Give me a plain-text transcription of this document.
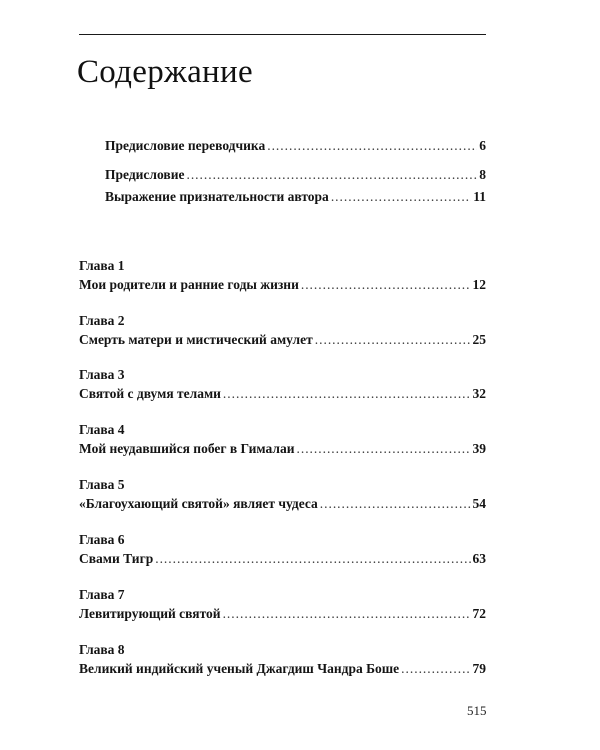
Содержание
Предисловие переводчика . . .	6
Предисловие . . .	8
Выражение признательности автора . . .	11
Глава 1
Мои родители и ранние годы жизни . . .	12
Глава 2
Смерть матери и мистический амулет . . .	25
Глава 3
Святой с двумя телами . . .	32
Глава 4
Мой неудавшийся побег в Гималаи . . .	39
Глава 5
«Благоухающий святой» являет чудеса . . .	54
Глава 6
Свами Тигр . . .	63
Глава 7
Левитирующий святой . . .	72
Глава 8
Великий индийский ученый Джагдиш Чандра Боше . . .	79
515
